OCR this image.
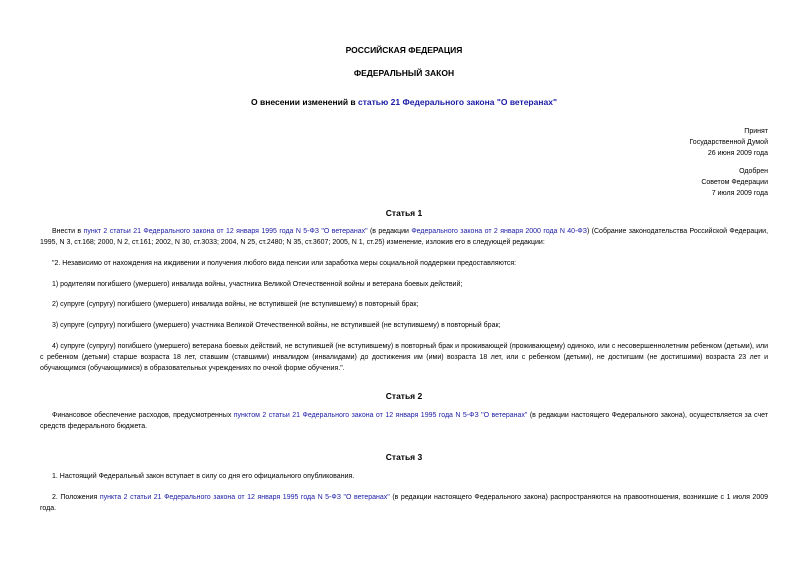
РОССИЙСКАЯ ФЕДЕРАЦИЯ
ФЕДЕРАЛЬНЫЙ ЗАКОН
О внесении изменений в статью 21 Федерального закона "О ветеранах"
Принят
Государственной Думой
26 июня 2009 года
Одобрен
Советом Федерации
7 июля 2009 года
Статья 1
Внести в пункт 2 статьи 21 Федерального закона от 12 января 1995 года N 5-ФЗ "О ветеранах" (в редакции Федерального закона от 2 января 2000 года N 40-ФЗ) (Собрание законодательства Российской Федерации, 1995, N 3, ст.168; 2000, N 2, ст.161; 2002, N 30, ст.3033; 2004, N 25, ст.2480; N 35, ст.3607; 2005, N 1, ст.25) изменение, изложив его в следующей редакции:
"2. Независимо от нахождения на иждивении и получения любого вида пенсии или заработка меры социальной поддержки предоставляются:
1) родителям погибшего (умершего) инвалида войны, участника Великой Отечественной войны и ветерана боевых действий;
2) супруге (супругу) погибшего (умершего) инвалида войны, не вступившей (не вступившему) в повторный брак;
3) супруге (супругу) погибшего (умершего) участника Великой Отечественной войны, не вступившей (не вступившему) в повторный брак;
4) супруге (супругу) погибшего (умершего) ветерана боевых действий, не вступившей (не вступившему) в повторный брак и проживающей (проживающему) одиноко, или с несовершеннолетним ребенком (детьми), или с ребенком (детьми) старше возраста 18 лет, ставшим (ставшими) инвалидом (инвалидами) до достижения им (ими) возраста 18 лет, или с ребенком (детьми), не достигшим (не достигшими) возраста 23 лет и обучающимся (обучающимися) в образовательных учреждениях по очной форме обучения.".
Статья 2
Финансовое обеспечение расходов, предусмотренных пунктом 2 статьи 21 Федерального закона от 12 января 1995 года N 5-ФЗ "О ветеранах" (в редакции настоящего Федерального закона), осуществляется за счет средств федерального бюджета.
Статья 3
1. Настоящий Федеральный закон вступает в силу со дня его официального опубликования.
2. Положения пункта 2 статьи 21 Федерального закона от 12 января 1995 года N 5-ФЗ "О ветеранах" (в редакции настоящего Федерального закона) распространяются на правоотношения, возникшие с 1 июля 2009 года.
